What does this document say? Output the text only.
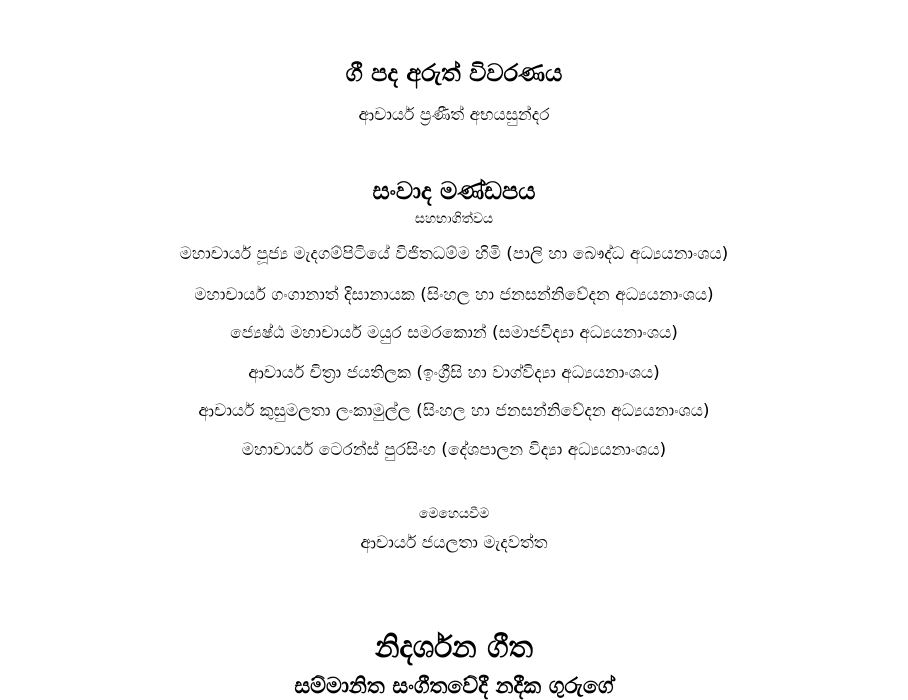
ගී පද අරුත් විවරණය
ආචාර්ය ප්‍රණීත් අභයසුන්දර
සංවාද මණ්ඩපය
සහභාගිත්වය
මහාචාර්ය පූජ්‍ය මැදගම්පිටියේ විජිතධම්ම හිමි (පාලි හා බෞද්ධ අධ්‍යයනාංශය)
මහාචාර්ය ගංගානාත් දිසානායක (සිංහල හා ජනසන්නිවේදන අධ්‍යයනාංශය)
ජ්‍යෙෂ්ඨ මහාචාර්ය මයුර සමරකොන් (සමාජවිද්‍යා අධ්‍යයනාංශය)
ආචාර්ය චිත්‍රා ජයතිලක (ඉංග්‍රීසි හා වාග්විද්‍යා අධ්‍යයනාංශය)
ආචාර්ය කුසුමලතා ලංකාමුල්ල (සිංහල හා ජනසන්නිවේදන අධ්‍යයනාංශය)
මහාචාර්ය ටෙරන්ස් පුරසිංහ (දේශපාලන විද්‍යා අධ්‍යයනාංශය)
මෙහෙයවීම
ආචාර්ය ජයලතා මැදවත්ත
නිදර්ශන ගීත
සම්මානිත සංගීතවේදී නදීක ගුරුගේ
